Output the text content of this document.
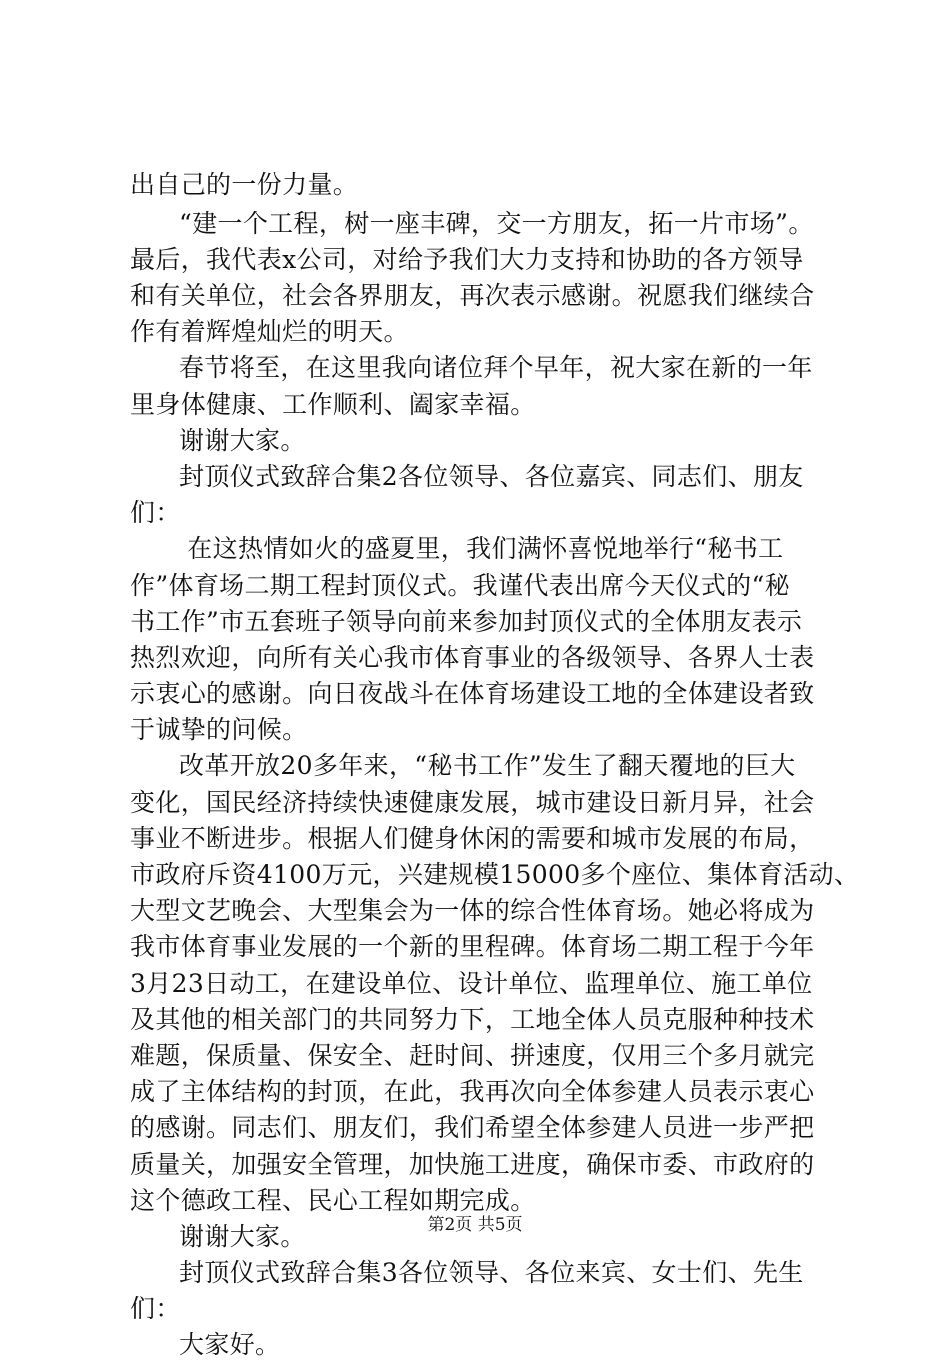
出自己的一份力量。
“建一个工程，树一座丰碑，交一方朋友，拓一片市场”。
最后，我代表x公司，对给予我们大力支持和协助的各方领导
和有关单位，社会各界朋友，再次表示感谢。祝愿我们继续合
作有着辉煌灿烂的明天。
春节将至，在这里我向诸位拜个早年，祝大家在新的一年
里身体健康、工作顺利、阖家幸福。
谢谢大家。
封顶仪式致辞合集2各位领导、各位嘉宾、同志们、朋友
们：
在这热情如火的盛夏里，我们满怀喜悦地举行“秘书工
作”体育场二期工程封顶仪式。我谨代表出席今天仪式的“秘
书工作”市五套班子领导向前来参加封顶仪式的全体朋友表示
热烈欢迎，向所有关心我市体育事业的各级领导、各界人士表
示衷心的感谢。向日夜战斗在体育场建设工地的全体建设者致
于诚挚的问候。
改革开放20多年来，“秘书工作”发生了翻天覆地的巨大
变化，国民经济持续快速健康发展，城市建设日新月异，社会
事业不断进步。根据人们健身休闲的需要和城市发展的布局，
市政府斥资4100万元，兴建规模15000多个座位、集体育活动、
大型文艺晚会、大型集会为一体的综合性体育场。她必将成为
我市体育事业发展的一个新的里程碑。体育场二期工程于今年
3月23日动工，在建设单位、设计单位、监理单位、施工单位
及其他的相关部门的共同努力下，工地全体人员克服种种技术
难题，保质量、保安全、赶时间、拼速度，仅用三个多月就完
成了主体结构的封顶，在此，我再次向全体参建人员表示衷心
的感谢。同志们、朋友们，我们希望全体参建人员进一步严把
质量关，加强安全管理，加快施工进度，确保市委、市政府的
这个德政工程、民心工程如期完成。
谢谢大家。
封顶仪式致辞合集3各位领导、各位来宾、女士们、先生
们：
大家好。
第2页 共5页
